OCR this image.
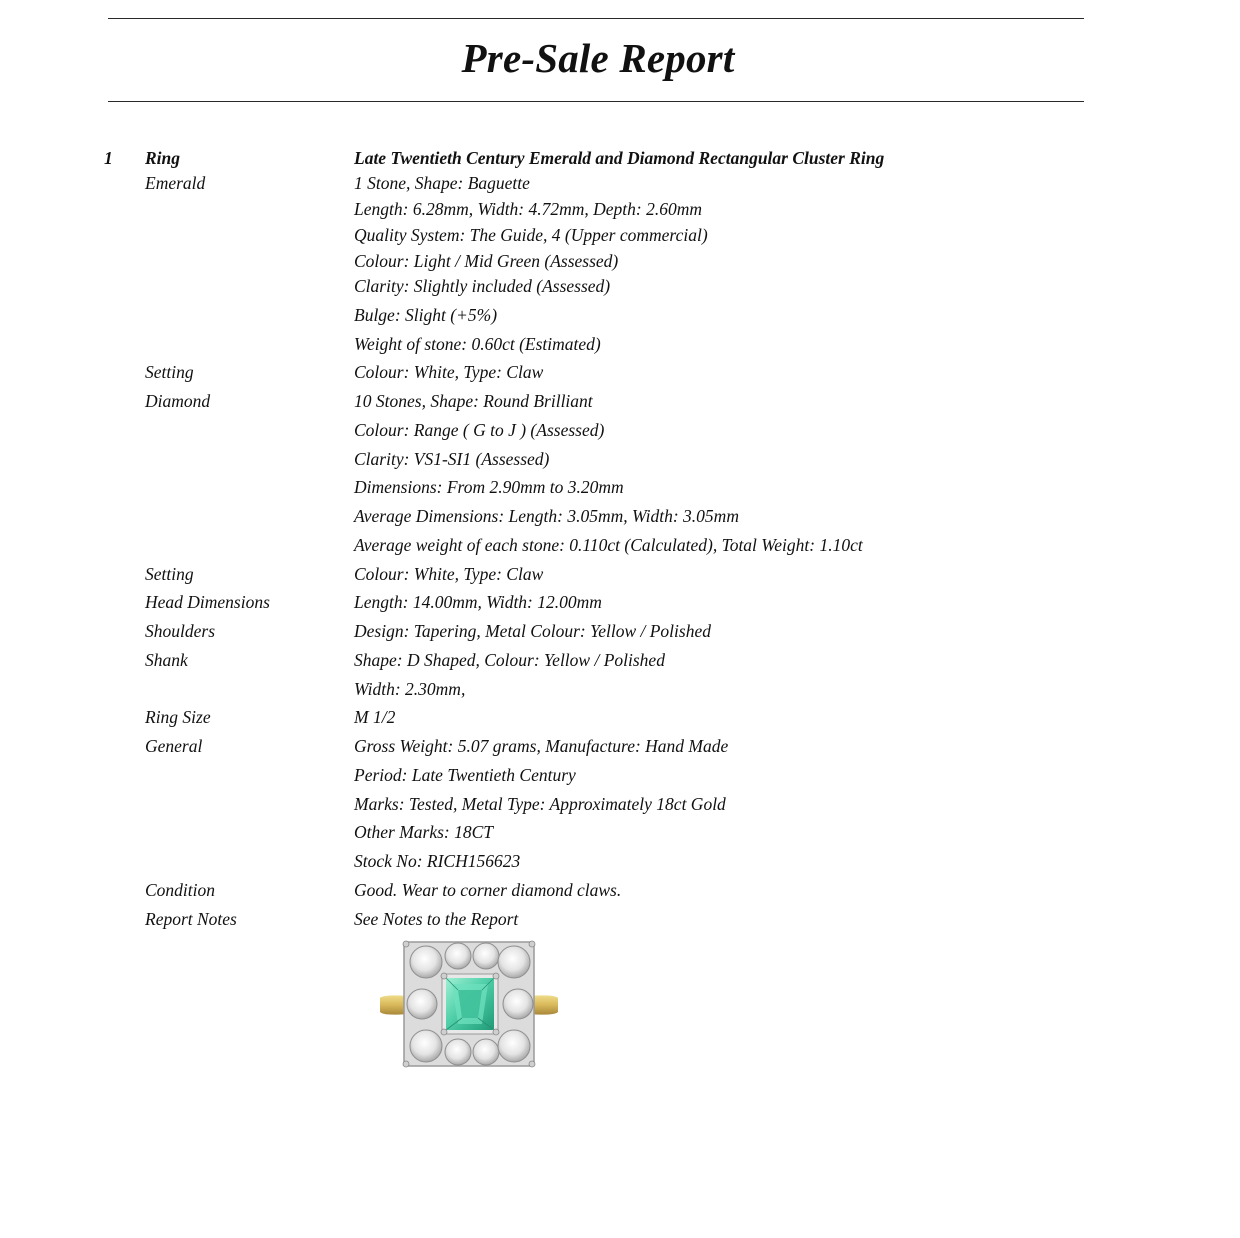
Pre-Sale Report
1 Ring	Late Twentieth Century Emerald and Diamond Rectangular Cluster Ring
Emerald	1 Stone, Shape: Baguette
Length: 6.28mm, Width: 4.72mm, Depth: 2.60mm
Quality System: The Guide, 4 (Upper commercial)
Colour: Light / Mid Green (Assessed)
Clarity: Slightly included (Assessed)
Bulge: Slight (+5%)
Weight of stone: 0.60ct (Estimated)
Setting	Colour: White, Type: Claw
Diamond	10 Stones, Shape: Round Brilliant
Colour: Range ( G to J ) (Assessed)
Clarity: VS1-SI1 (Assessed)
Dimensions: From 2.90mm to 3.20mm
Average Dimensions: Length: 3.05mm, Width: 3.05mm
Average weight of each stone: 0.110ct (Calculated), Total Weight: 1.10ct
Setting	Colour: White, Type: Claw
Head Dimensions	Length: 14.00mm, Width: 12.00mm
Shoulders	Design: Tapering, Metal Colour: Yellow / Polished
Shank	Shape: D Shaped, Colour: Yellow / Polished
Width: 2.30mm,
Ring Size	M 1/2
General	Gross Weight: 5.07 grams, Manufacture: Hand Made
Period: Late Twentieth Century
Marks: Tested, Metal Type: Approximately 18ct Gold
Other Marks: 18CT
Stock No: RICH156623
Condition	Good. Wear to corner diamond claws.
Report Notes	See Notes to the Report
